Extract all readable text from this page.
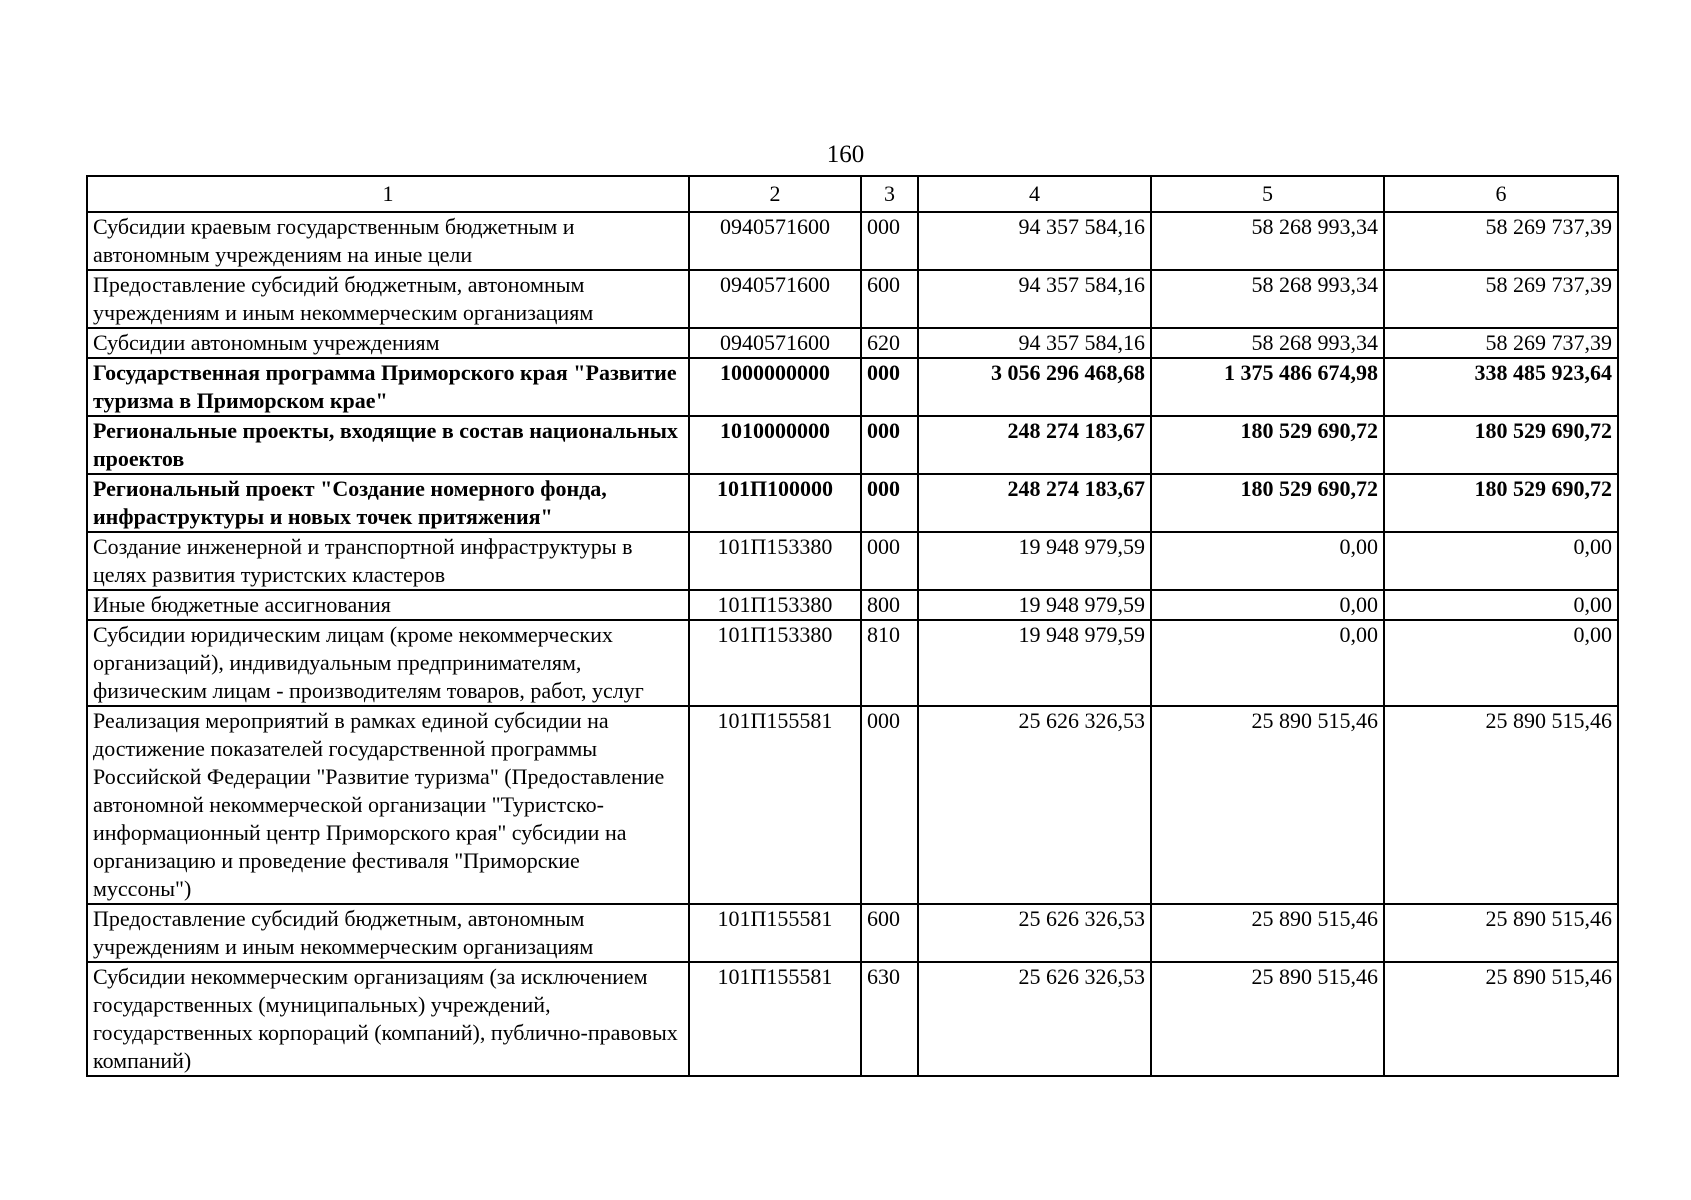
160
1	2	3	4	5	6
Субсидии краевым государственным бюджетным и автономным учреждениям на иные цели	0940571600	000	94 357 584,16	58 268 993,34	58 269 737,39
Предоставление субсидий бюджетным, автономным учреждениям и иным некоммерческим организациям	0940571600	600	94 357 584,16	58 268 993,34	58 269 737,39
Субсидии автономным учреждениям	0940571600	620	94 357 584,16	58 268 993,34	58 269 737,39
Государственная программа Приморского края "Развитие туризма в Приморском крае"	1000000000	000	3 056 296 468,68	1 375 486 674,98	338 485 923,64
Региональные проекты, входящие в состав национальных проектов	1010000000	000	248 274 183,67	180 529 690,72	180 529 690,72
Региональный проект "Создание номерного фонда, инфраструктуры и новых точек притяжения"	101П100000	000	248 274 183,67	180 529 690,72	180 529 690,72
Создание инженерной и транспортной инфраструктуры в целях развития туристских кластеров	101П153380	000	19 948 979,59	0,00	0,00
Иные бюджетные ассигнования	101П153380	800	19 948 979,59	0,00	0,00
Субсидии юридическим лицам (кроме некоммерческих организаций), индивидуальным предпринимателям, физическим лицам - производителям товаров, работ, услуг	101П153380	810	19 948 979,59	0,00	0,00
Реализация мероприятий в рамках единой субсидии на достижение показателей государственной программы Российской Федерации "Развитие туризма" (Предоставление автономной некоммерческой организации "Туристско-информационный центр Приморского края" субсидии на организацию и проведение фестиваля "Приморские муссоны")	101П155581	000	25 626 326,53	25 890 515,46	25 890 515,46
Предоставление субсидий бюджетным, автономным учреждениям и иным некоммерческим организациям	101П155581	600	25 626 326,53	25 890 515,46	25 890 515,46
Субсидии некоммерческим организациям (за исключением государственных (муниципальных) учреждений, государственных корпораций (компаний), публично-правовых компаний)	101П155581	630	25 626 326,53	25 890 515,46	25 890 515,46
